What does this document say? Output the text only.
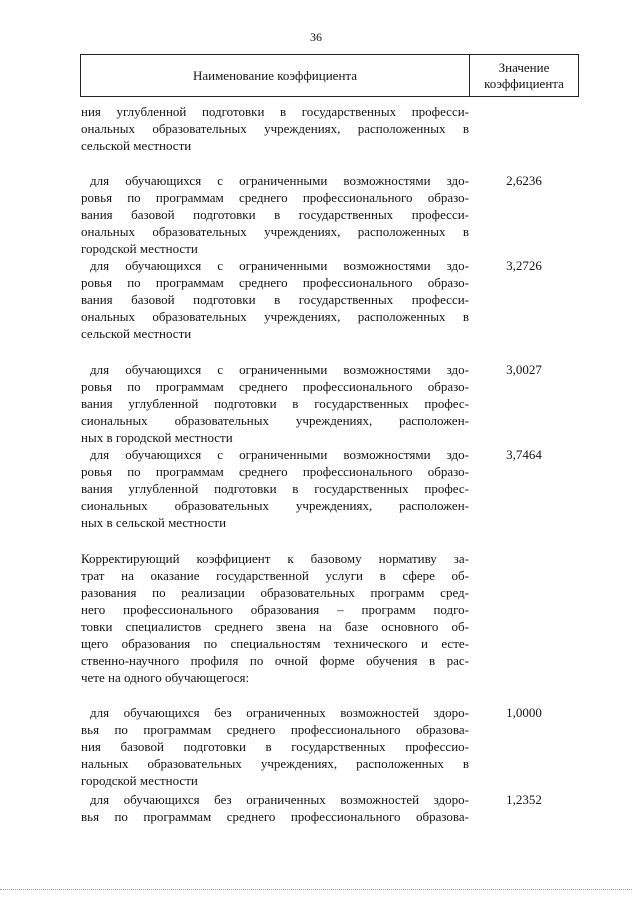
36
Наименование коэффициента
Значение
коэффициента
ния углубленной подготовки в государственных професси-
ональных образовательных учреждениях, расположенных в
сельской местности
для обучающихся с ограниченными возможностями здо-
ровья по программам среднего профессионального образо-
вания базовой подготовки в государственных професси-
ональных образовательных учреждениях, расположенных в
городской местности
2,6236
для обучающихся с ограниченными возможностями здо-
ровья по программам среднего профессионального образо-
вания базовой подготовки в государственных професси-
ональных образовательных учреждениях, расположенных в
сельской местности
3,2726
для обучающихся с ограниченными возможностями здо-
ровья по программам среднего профессионального образо-
вания углубленной подготовки в государственных профес-
сиональных образовательных учреждениях, расположен-
ных в городской местности
3,0027
для обучающихся с ограниченными возможностями здо-
ровья по программам среднего профессионального образо-
вания углубленной подготовки в государственных профес-
сиональных образовательных учреждениях, расположен-
ных в сельской местности
3,7464
Корректирующий коэффициент к базовому нормативу за-
трат на оказание государственной услуги в сфере об-
разования по реализации образовательных программ сред-
него профессионального образования – программ подго-
товки специалистов среднего звена на базе основного об-
щего образования по специальностям технического и есте-
ственно-научного профиля по очной форме обучения в рас-
чете на одного обучающегося:
для обучающихся без ограниченных возможностей здоро-
вья по программам среднего профессионального образова-
ния базовой подготовки в государственных профессио-
нальных образовательных учреждениях, расположенных в
городской местности
1,0000
для обучающихся без ограниченных возможностей здоро-
вья по программам среднего профессионального образова-
1,2352
